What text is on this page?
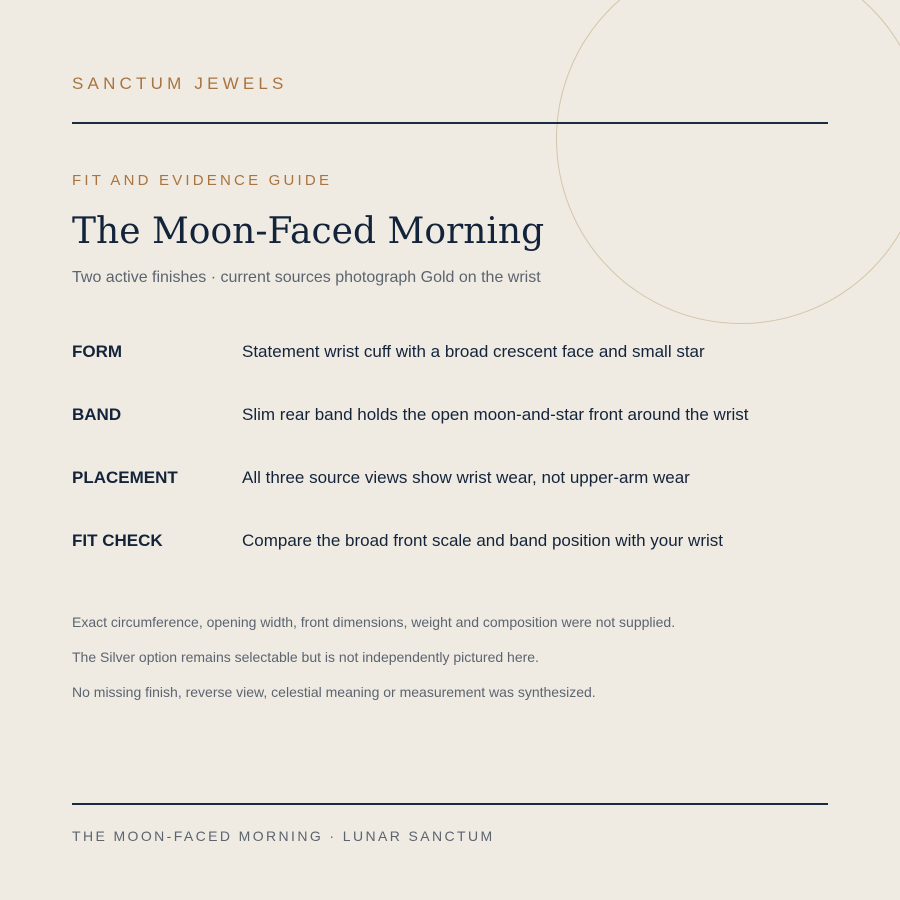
SANCTUM JEWELS
FIT AND EVIDENCE GUIDE
The Moon-Faced Morning
Two active finishes · current sources photograph Gold on the wrist
FORM	Statement wrist cuff with a broad crescent face and small star
BAND	Slim rear band holds the open moon-and-star front around the wrist
PLACEMENT	All three source views show wrist wear, not upper-arm wear
FIT CHECK	Compare the broad front scale and band position with your wrist
Exact circumference, opening width, front dimensions, weight and composition were not supplied.
The Silver option remains selectable but is not independently pictured here.
No missing finish, reverse view, celestial meaning or measurement was synthesized.
THE MOON-FACED MORNING · LUNAR SANCTUM
